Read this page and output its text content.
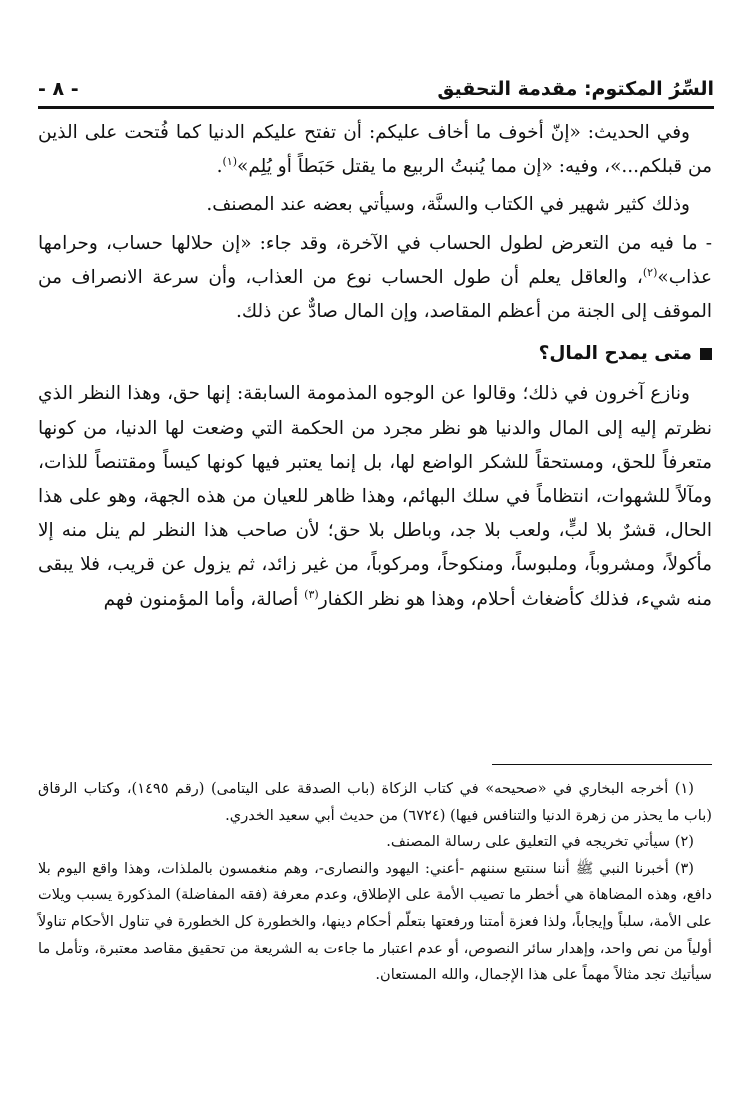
السِّرُ المكتوم: مقدمة التحقيق
- ٨ -

وفي الحديث: «إنّ أخوف ما أخاف عليكم: أن تفتح عليكم الدنيا كما فُتحت على الذين من قبلكم...»، وفيه: «إن مما يُنبتُ الربيع ما يقتل حَبَطاً أو يُلِم»$^{(١)}$.

وذلك كثير شهير في الكتاب والسنَّة، وسيأتي بعضه عند المصنف.

- ما فيه من التعرض لطول الحساب في الآخرة، وقد جاء: «إن حلالها حساب، وحرامها عذاب»$^{(٢)}$، والعاقل يعلم أن طول الحساب نوع من العذاب، وأن سرعة الانصراف من الموقف إلى الجنة من أعظم المقاصد، وإن المال صادٌّ عن ذلك.

متى يمدح المال؟

ونازع آخرون في ذلك؛ وقالوا عن الوجوه المذمومة السابقة: إنها حق، وهذا النظر الذي نظرتم إليه إلى المال والدنيا هو نظر مجرد من الحكمة التي وضعت لها الدنيا، من كونها متعرفاً للحق، ومستحقاً للشكر الواضع لها، بل إنما يعتبر فيها كونها كيساً ومقتنصاً للذات، ومآلاً للشهوات، انتظاماً في سلك البهائم، وهذا ظاهر للعيان من هذه الجهة، وهو على هذا الحال، قشرٌ بلا لبٍّ، ولعب بلا جد، وباطل بلا حق؛ لأن صاحب هذا النظر لم ينل منه إلا مأكولاً، ومشروباً، وملبوساً، ومنكوحاً، ومركوباً، من غير زائد، ثم يزول عن قريب، فلا يبقى منه شيء، فذلك كأضغاث أحلام، وهذا هو نظر الكفار$^{(٣)}$ أصالة، وأما المؤمنون فهم

(١) أخرجه البخاري في «صحيحه» في كتاب الزكاة (باب الصدقة على اليتامى) (رقم ١٤٩٥)، وكتاب الرقاق (باب ما يحذر من زهرة الدنيا والتنافس فيها) (٦٧٢٤) من حديث أبي سعيد الخدري.

(٢) سيأتي تخريجه في التعليق على رسالة المصنف.

(٣) أخبرنا النبي ﷺ أننا سنتبع سننهم -أعني: اليهود والنصارى-، وهم منغمسون بالملذات، وهذا واقع اليوم بلا دافع، وهذه المضاهاة هي أخطر ما تصيب الأمة على الإطلاق، وعدم معرفة (فقه المفاضلة) المذكورة يسبب ويلات على الأمة، سلباً وإيجاباً، ولذا فعزة أمتنا ورفعتها بتعلّم أحكام دينها، والخطورة كل الخطورة في تناول الأحكام تناولاً أولياً من نص واحد، وإهدار سائر النصوص، أو عدم اعتبار ما جاءت به الشريعة من تحقيق مقاصد معتبرة، وتأمل ما سيأتيك تجد مثالاً مهماً على هذا الإجمال، والله المستعان.
